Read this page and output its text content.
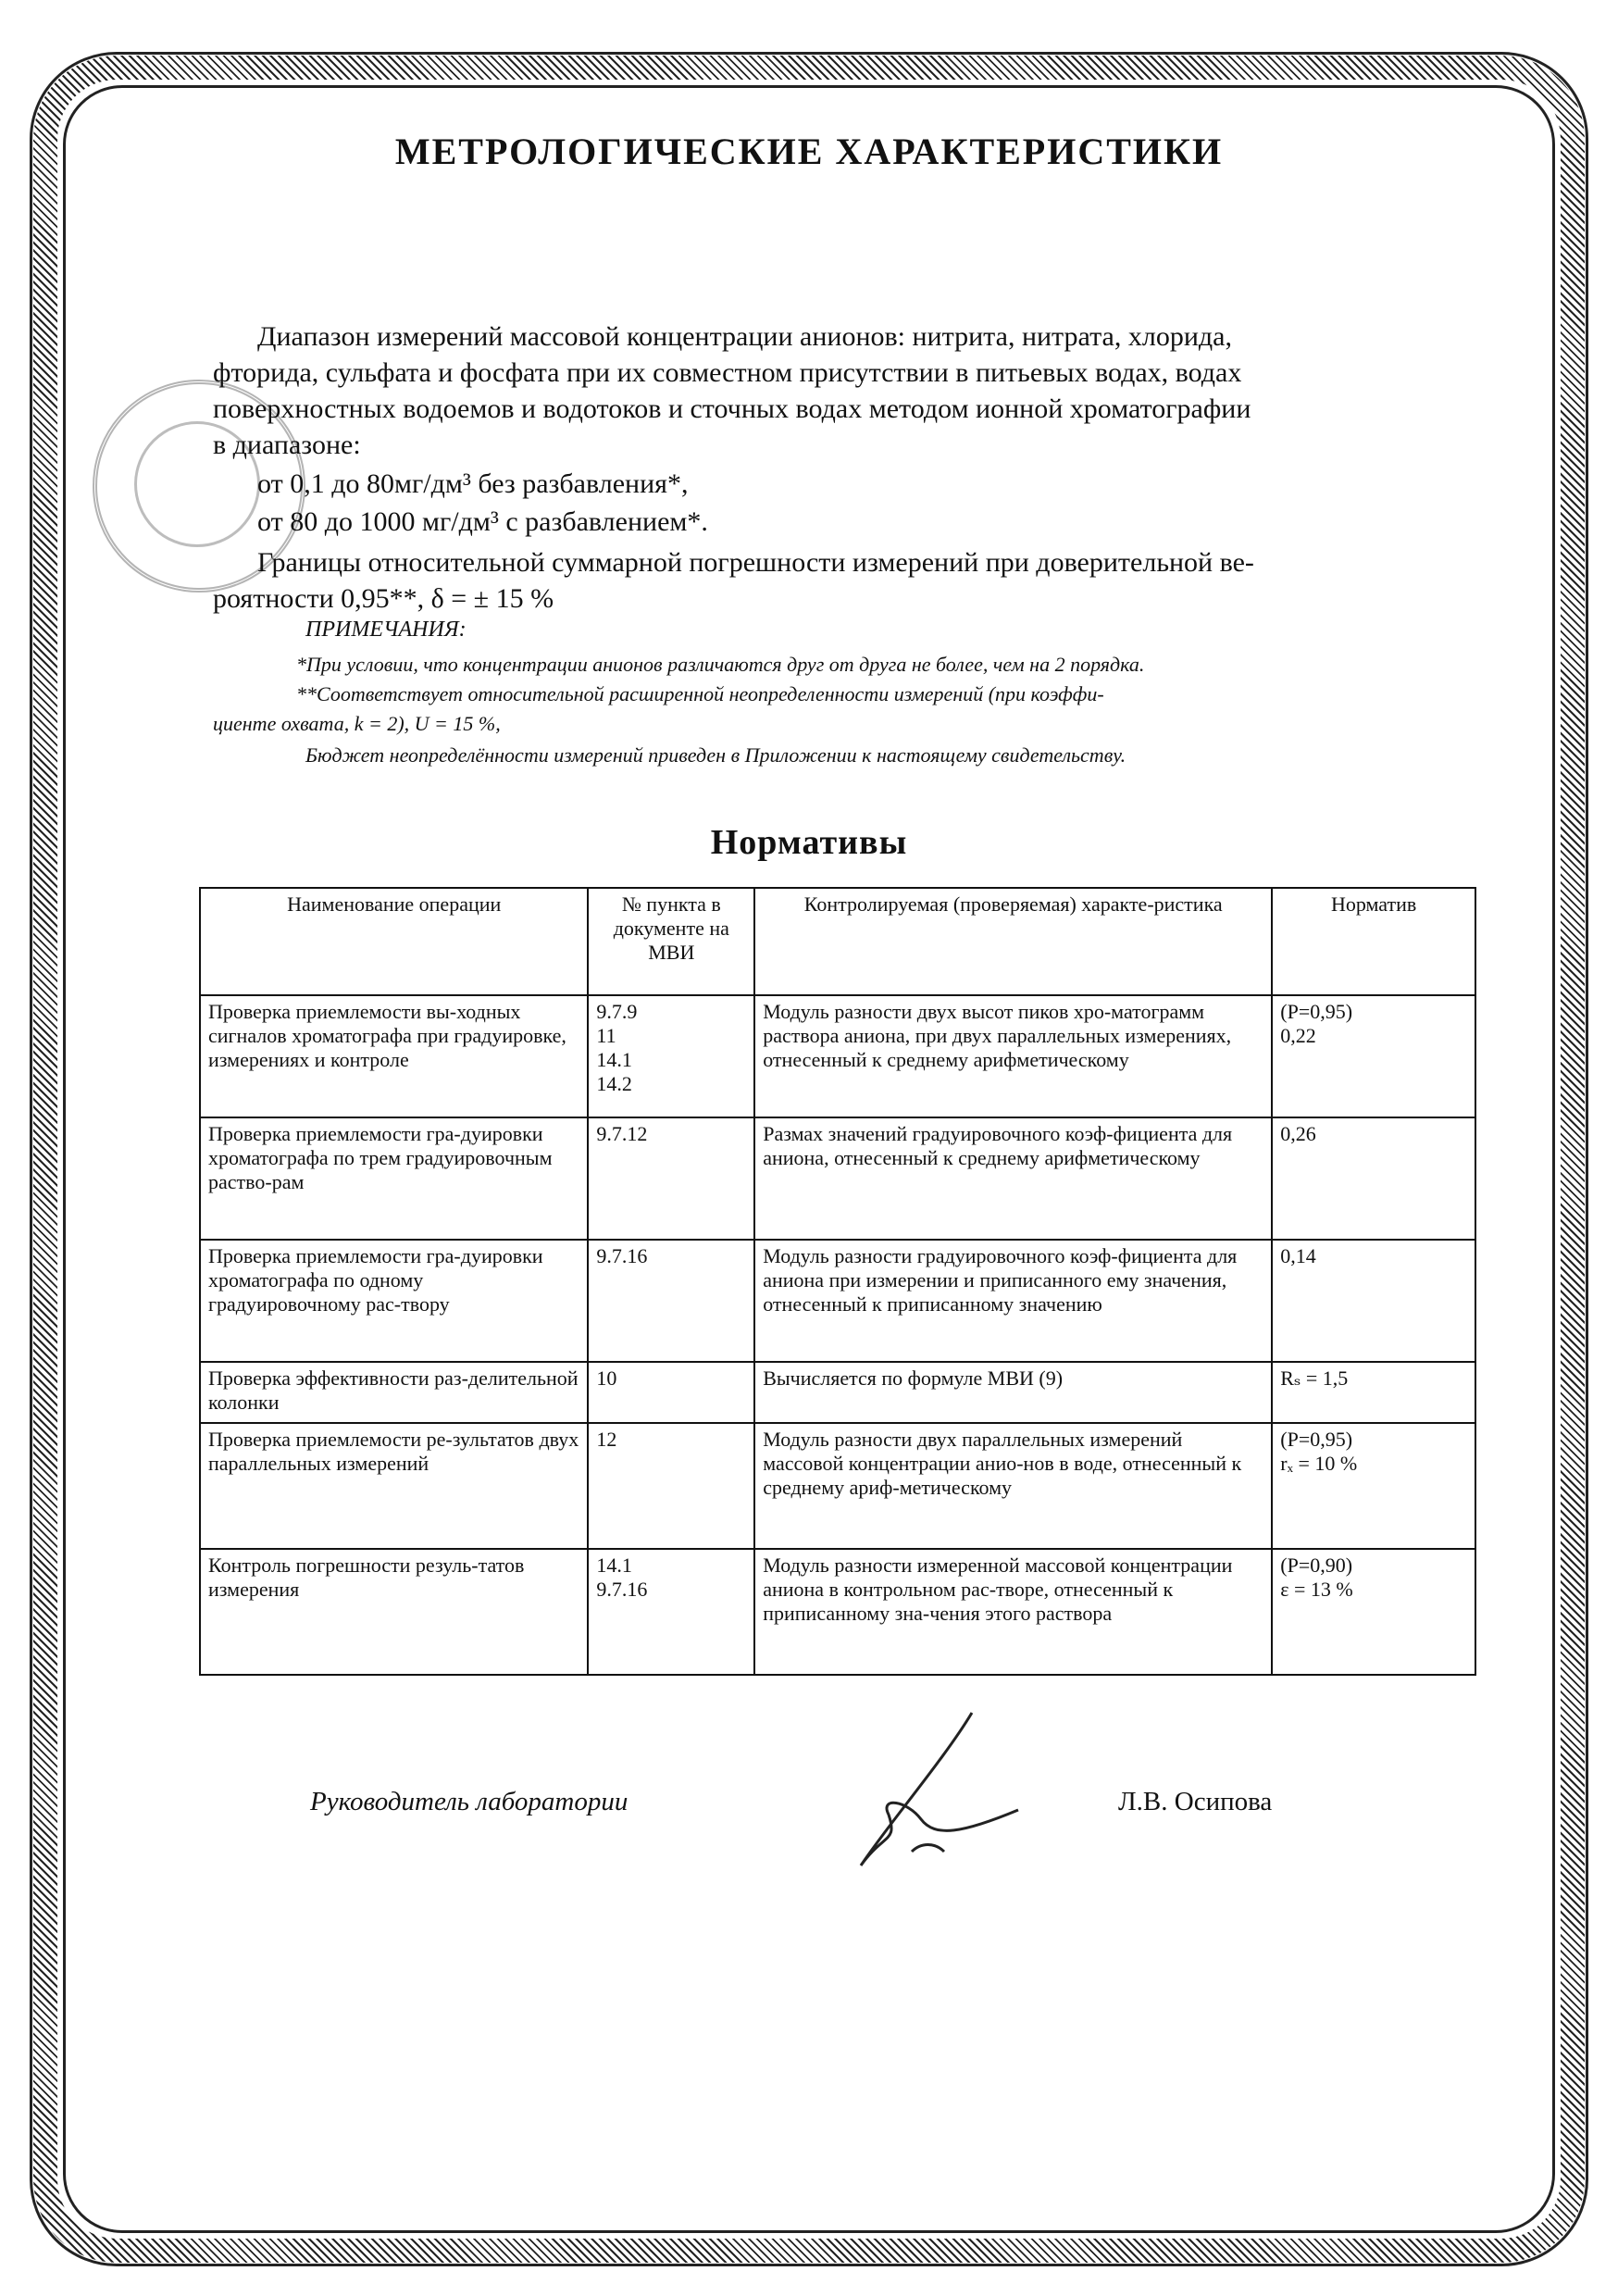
МЕТРОЛОГИЧЕСКИЕ ХАРАКТЕРИСТИКИ
Диапазон измерений массовой концентрации анионов: нитрита, нитрата, хлорида,
фторида, сульфата и фосфата при их совместном присутствии в питьевых водах, водах
поверхностных водоемов и водотоков и сточных водах методом ионной хроматографии
в диапазоне:
от 0,1 до 80мг/дм³ без разбавления*,
от 80 до 1000 мг/дм³ с разбавлением*.
Границы относительной суммарной погрешности измерений при доверительной ве-
роятности 0,95**, δ = ± 15 %
ПРИМЕЧАНИЯ:
*При условии, что концентрации анионов различаются друг от друга не более, чем на 2 порядка.
**Соответствует относительной расширенной неопределенности измерений (при коэффи-
циенте охвата, k = 2), U = 15 %,
Бюджет неопределённости измерений приведен в Приложении к настоящему свидетельству.
Нормативы
Наименование операции	№ пункта в документе на МВИ	Контролируемая (проверяемая) характе-ристика	Норматив
Проверка приемлемости вы-ходных сигналов хроматографа при градуировке, измерениях и контроле	9.7.9
11
14.1
14.2	Модуль разности двух высот пиков хро-матограмм раствора аниона, при двух параллельных измерениях, отнесенный к среднему арифметическому	(P=0,95)
0,22
Проверка приемлемости гра-дуировки хроматографа по трем градуировочным раство-рам	9.7.12	Размах значений градуировочного коэф-фициента для аниона, отнесенный к среднему арифметическому	0,26
Проверка приемлемости гра-дуировки хроматографа по одному градуировочному рас-твору	9.7.16	Модуль разности градуировочного коэф-фициента для аниона при измерении и приписанного ему значения, отнесенный к приписанному значению	0,14
Проверка эффективности раз-делительной колонки	10	Вычисляется по формуле МВИ (9)	Rₛ = 1,5
Проверка приемлемости ре-зультатов двух параллельных измерений	12	Модуль разности двух параллельных измерений массовой концентрации анио-нов в воде, отнесенный к среднему ариф-метическому	(P=0,95)
rₓ = 10 %
Контроль погрешности резуль-татов измерения	14.1
9.7.16	Модуль разности измеренной массовой концентрации аниона в контрольном рас-творе, отнесенный к приписанному зна-чения этого раствора	(P=0,90)
ε = 13 %
Руководитель лаборатории	Л.В. Осипова
